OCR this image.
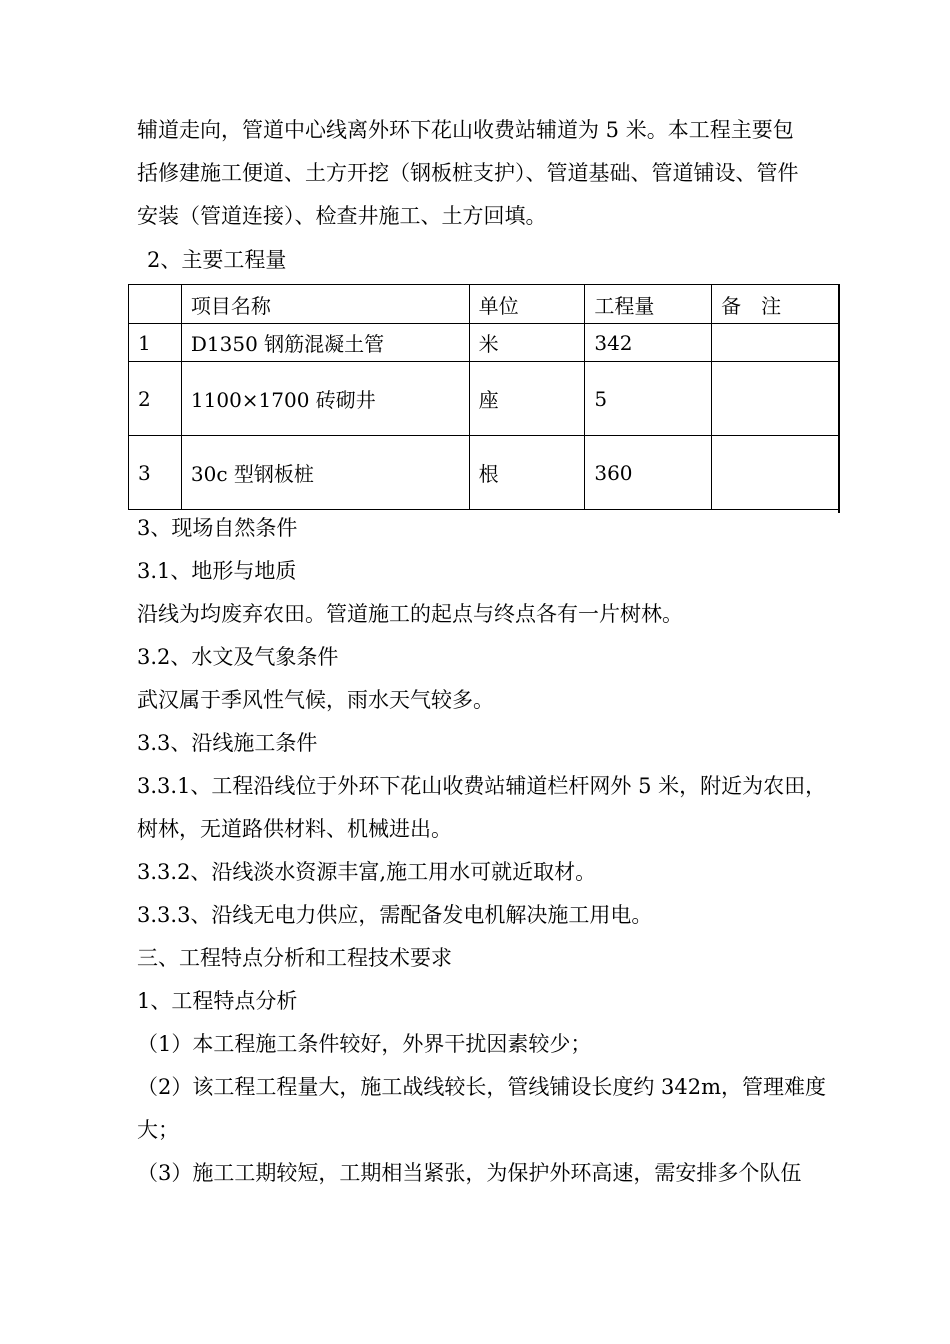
辅道走向，管道中心线离外环下花山收费站辅道为 5 米。本工程主要包
括修建施工便道、土方开挖（钢板桩支护）、管道基础、管道铺设、管件
安装（管道连接）、检查井施工、土方回填。
2、主要工程量
	项目名称	单位	工程量	备　注
1	D1350 钢筋混凝土管	米	342	
2	1100×1700 砖砌井	座	5	
3	30c 型钢板桩	根	360	
3、现场自然条件
3.1、地形与地质
沿线为均废弃农田。管道施工的起点与终点各有一片树林。
3.2、水文及气象条件
武汉属于季风性气候，雨水天气较多。
3.3、沿线施工条件
3.3.1、工程沿线位于外环下花山收费站辅道栏杆网外 5 米，附近为农田，
树林，无道路供材料、机械进出。
3.3.2、沿线淡水资源丰富,施工用水可就近取材。
3.3.3、沿线无电力供应，需配备发电机解决施工用电。
三、工程特点分析和工程技术要求
1、工程特点分析
（1）本工程施工条件较好，外界干扰因素较少；
（2）该工程工程量大，施工战线较长，管线铺设长度约 342m，管理难度
大；
（3）施工工期较短，工期相当紧张，为保护外环高速，需安排多个队伍
